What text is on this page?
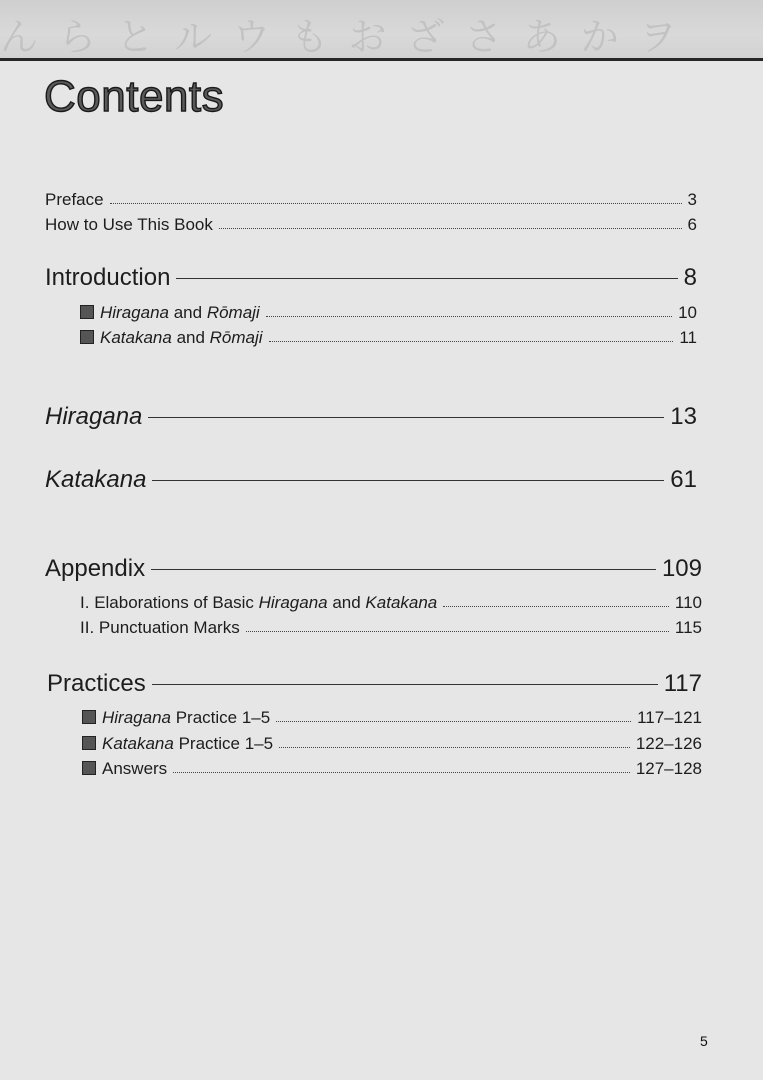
ん ら と ル ウ も お ざ さ あ か ヲ
Contents
Preface	3
How to Use This Book	6
Introduction	8
Hiragana and Rōmaji	10
Katakana and Rōmaji	11
Hiragana	13
Katakana	61
Appendix	109
I. Elaborations of Basic Hiragana and Katakana	110
II. Punctuation Marks	115
Practices	117
Hiragana Practice 1–5	117–121
Katakana Practice 1–5	122–126
Answers	127–128
5
